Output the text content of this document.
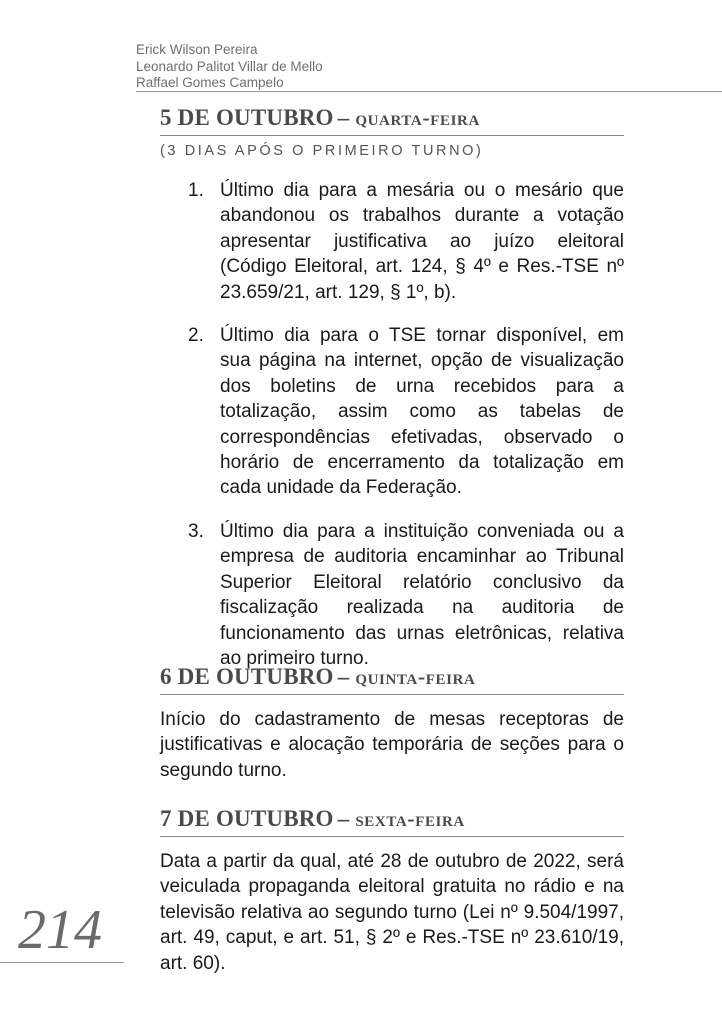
Erick Wilson Pereira
Leonardo Palitot Villar de Mello
Raffael Gomes Campelo
5 DE OUTUBRO – quarta-feira
(3 DIAS APÓS O PRIMEIRO TURNO)
1. Último dia para a mesária ou o mesário que abandonou os trabalhos durante a votação apresentar justificativa ao juízo eleitoral (Código Eleitoral, art. 124, § 4º e Res.-TSE nº 23.659/21, art. 129, § 1º, b).
2. Último dia para o TSE tornar disponível, em sua página na internet, opção de visualização dos boletins de urna recebidos para a totalização, assim como as tabelas de correspondências efetivadas, observado o horário de encerramento da totalização em cada unidade da Federação.
3. Último dia para a instituição conveniada ou a empresa de auditoria encaminhar ao Tribunal Superior Eleitoral relatório conclusivo da fiscalização realizada na auditoria de funcionamento das urnas eletrônicas, relativa ao primeiro turno.
6 DE OUTUBRO – quinta-feira
Início do cadastramento de mesas receptoras de justificativas e alocação temporária de seções para o segundo turno.
7 DE OUTUBRO – sexta-feira
Data a partir da qual, até 28 de outubro de 2022, será veiculada propaganda eleitoral gratuita no rádio e na televisão relativa ao segundo turno (Lei nº 9.504/1997, art. 49, caput, e art. 51, § 2º e Res.-TSE nº 23.610/19, art. 60).
214
